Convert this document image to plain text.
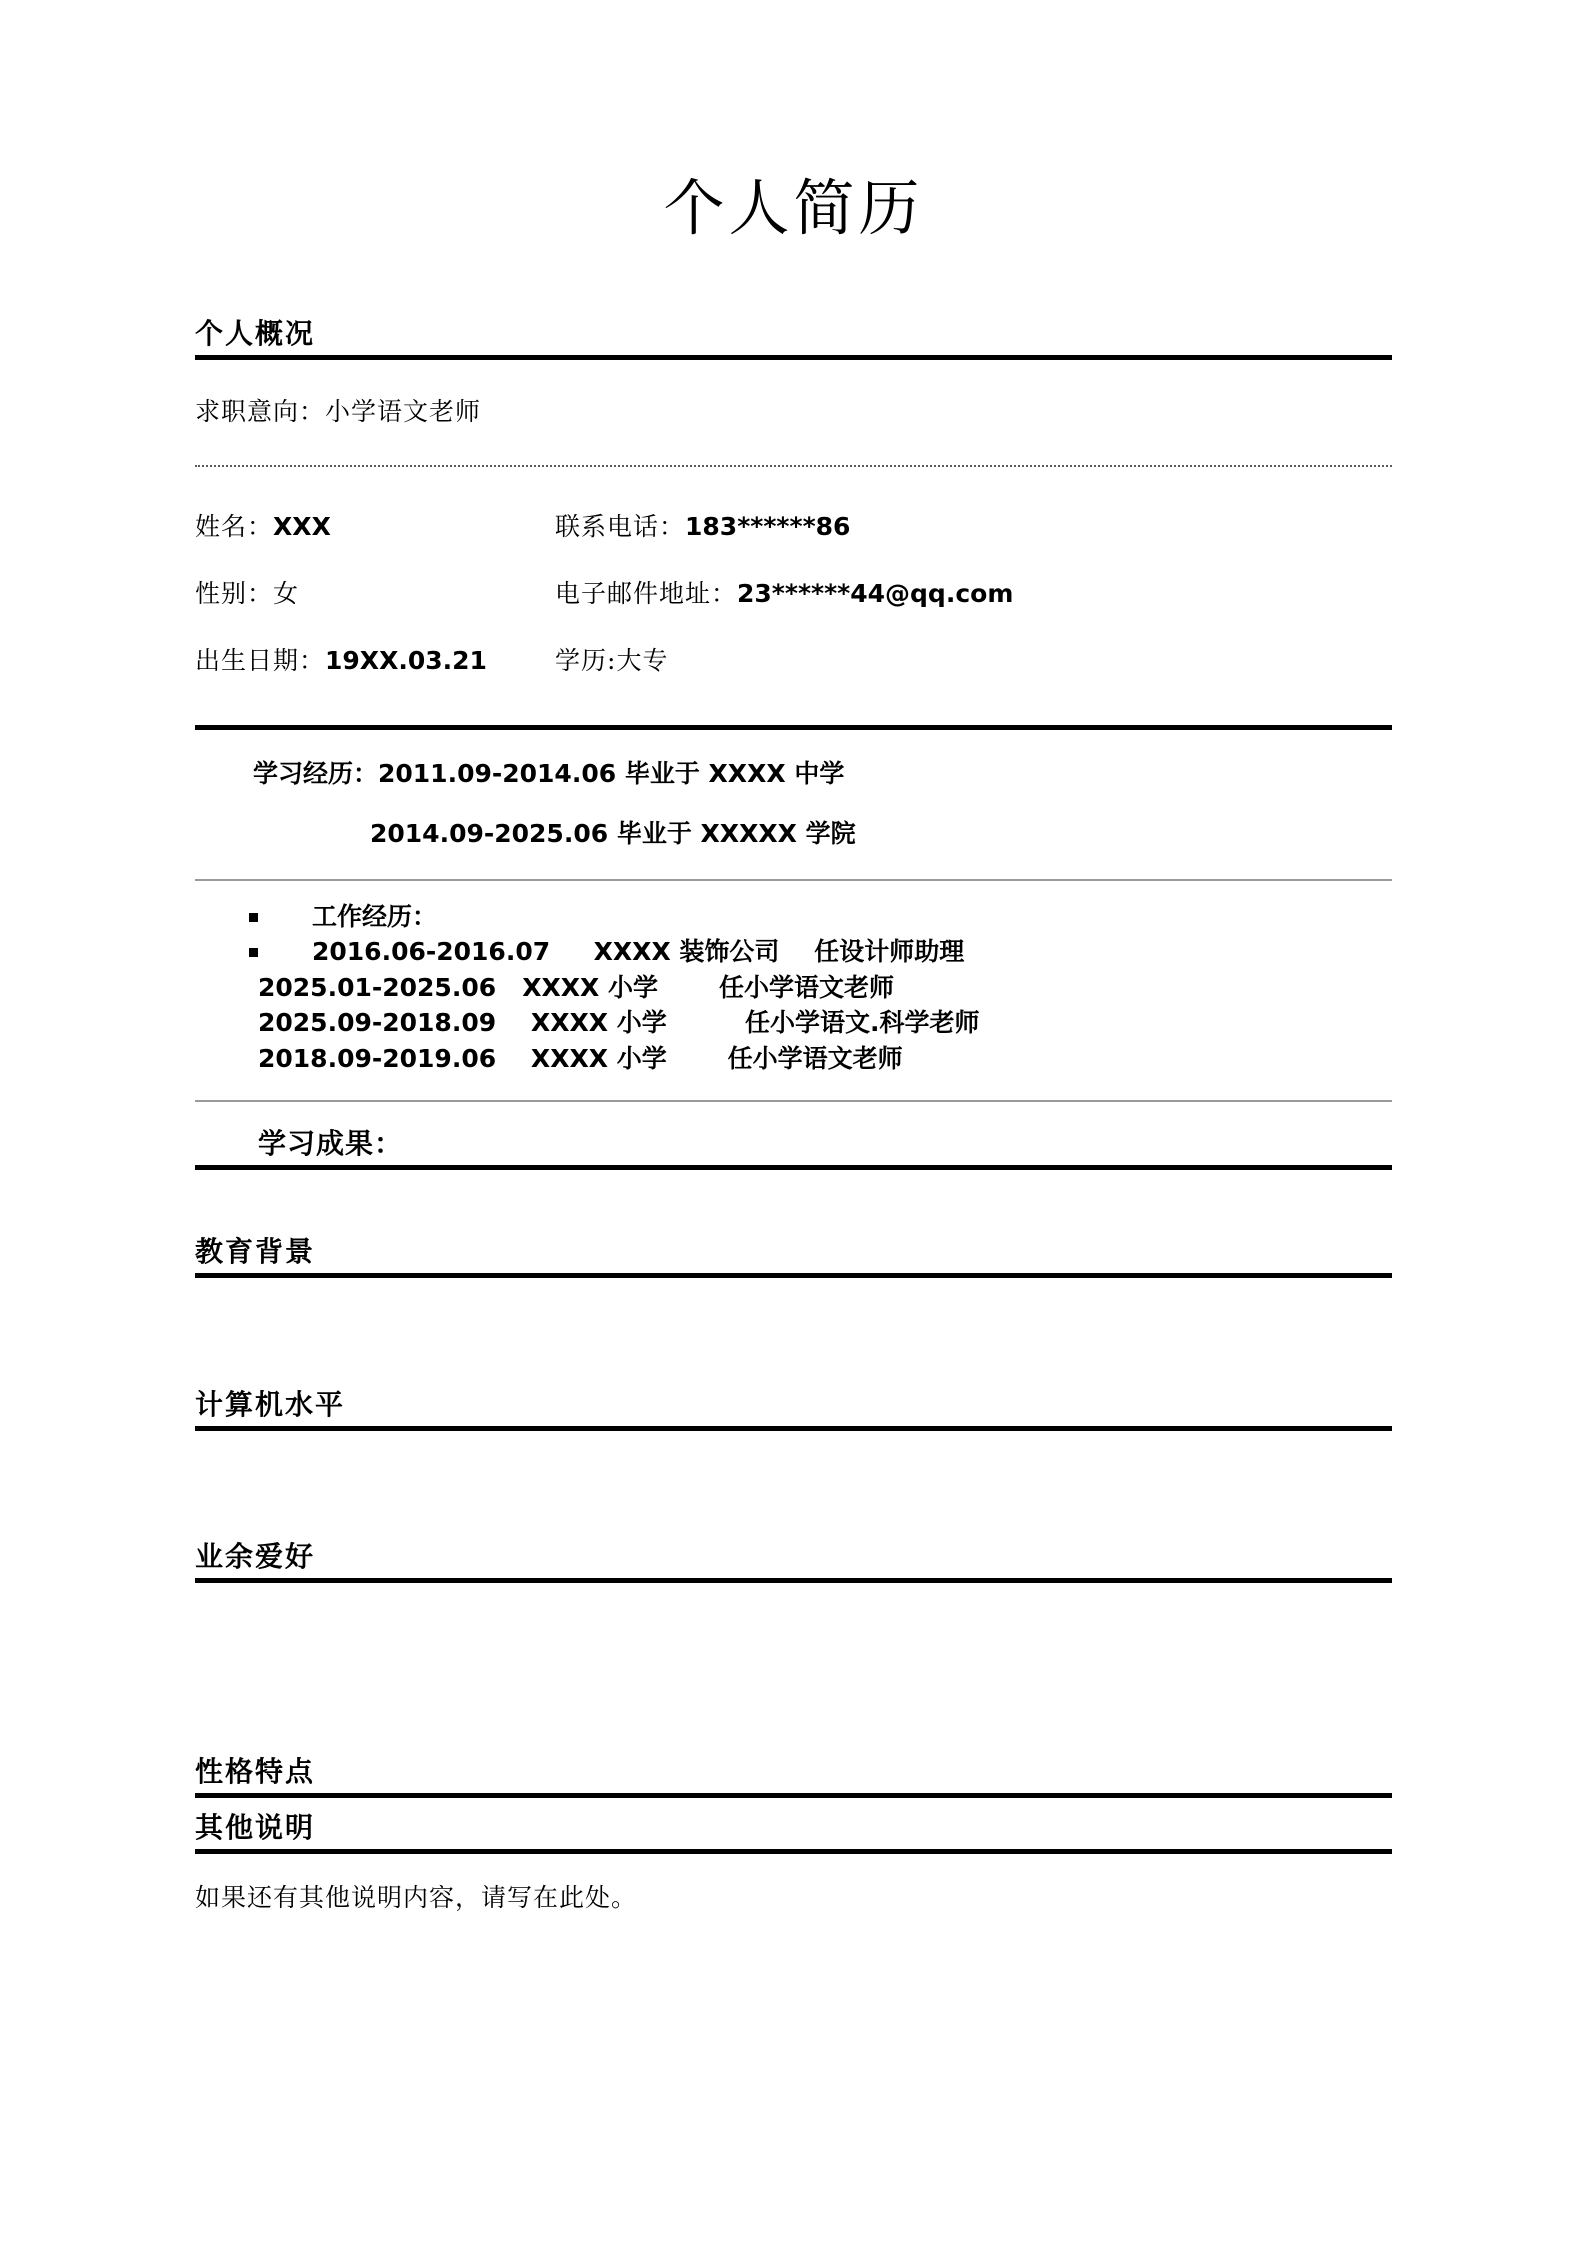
个人简历
个人概况
求职意向：小学语文老师
姓名：XXX	联系电话：183******86
性别：女	电子邮件地址：23******44@qq.com
出生日期：19XX.03.21	学历:大专
学习经历：2011.09-2014.06 毕业于 XXXX 中学
2014.09-2025.06 毕业于 XXXXX 学院
工作经历：
2016.06-2016.07     XXXX 装饰公司    任设计师助理
2025.01-2025.06   XXXX 小学       任小学语文老师
2025.09-2018.09    XXXX 小学         任小学语文.科学老师
2018.09-2019.06    XXXX 小学       任小学语文老师
学习成果：
教育背景

计算机水平

业余爱好

性格特点
其他说明
如果还有其他说明内容，请写在此处。
